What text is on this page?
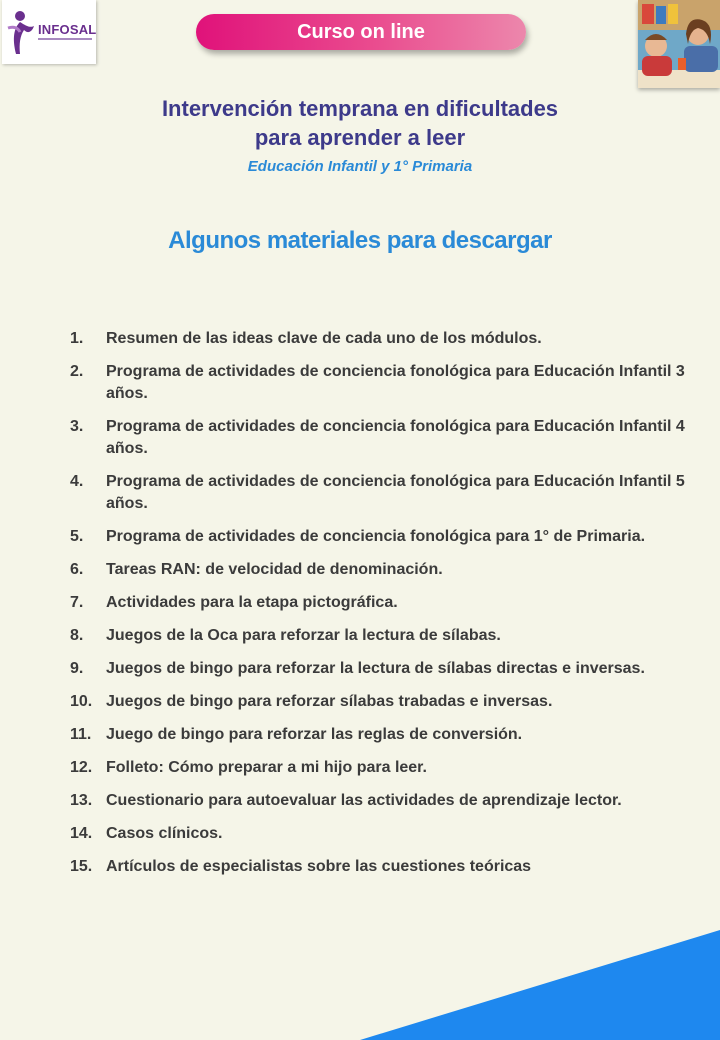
INFOSAL	Curso on line
Intervención temprana en dificultades
para aprender a leer
Educación Infantil y 1° Primaria
Algunos materiales para descargar
1.	Resumen de las ideas clave de cada uno de los módulos.
2.	Programa de actividades de conciencia fonológica para Educación Infantil 3 años.
3.	Programa de actividades de conciencia fonológica para Educación Infantil 4 años.
4.	Programa de actividades de conciencia fonológica para Educación Infantil 5 años.
5.	Programa de actividades de conciencia fonológica para 1° de Primaria.
6.	Tareas RAN: de velocidad de denominación.
7.	Actividades para la etapa pictográfica.
8.	Juegos de la Oca para reforzar la lectura de sílabas.
9.	Juegos de bingo para reforzar la lectura de sílabas directas e inversas.
10. Juegos de bingo para reforzar sílabas trabadas e inversas.
11. Juego de bingo para reforzar las reglas de conversión.
12. Folleto: Cómo preparar a mi hijo para leer.
13. Cuestionario para autoevaluar las actividades de aprendizaje lector.
14. Casos clínicos.
15. Artículos de especialistas sobre las cuestiones teóricas
